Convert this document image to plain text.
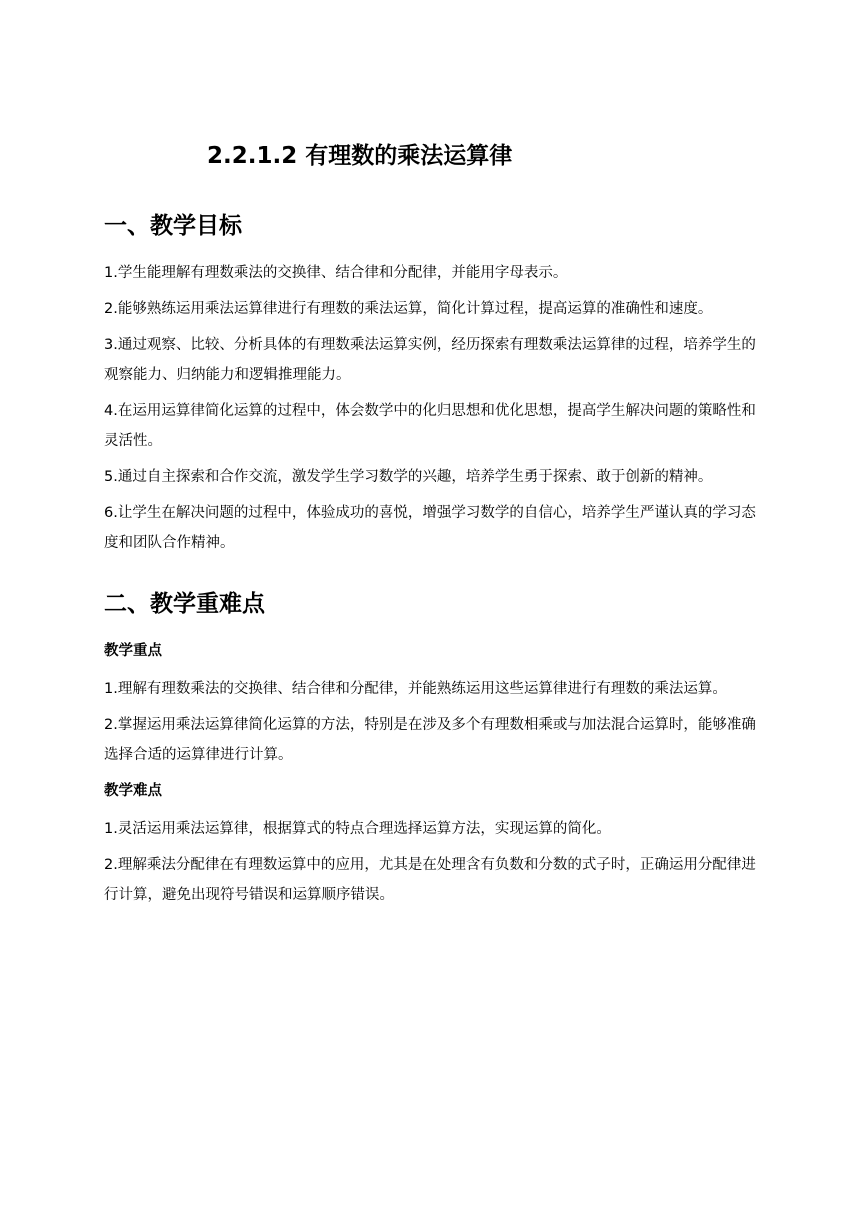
2.2.1.2 有理数的乘法运算律
一、教学目标

1.学生能理解有理数乘法的交换律、结合律和分配律，并能用字母表示。

2.能够熟练运用乘法运算律进行有理数的乘法运算，简化计算过程，提高运算的准确性和速度。

3.通过观察、比较、分析具体的有理数乘法运算实例，经历探索有理数乘法运算律的过程，培养学生的观察能力、归纳能力和逻辑推理能力。

4.在运用运算律简化运算的过程中，体会数学中的化归思想和优化思想，提高学生解决问题的策略性和灵活性。

5.通过自主探索和合作交流，激发学生学习数学的兴趣，培养学生勇于探索、敢于创新的精神。

6.让学生在解决问题的过程中，体验成功的喜悦，增强学习数学的自信心，培养学生严谨认真的学习态度和团队合作精神。

二、教学重难点
教学重点

1.理解有理数乘法的交换律、结合律和分配律，并能熟练运用这些运算律进行有理数的乘法运算。

2.掌握运用乘法运算律简化运算的方法，特别是在涉及多个有理数相乘或与加法混合运算时，能够准确选择合适的运算律进行计算。

教学难点

1.灵活运用乘法运算律，根据算式的特点合理选择运算方法，实现运算的简化。

2.理解乘法分配律在有理数运算中的应用，尤其是在处理含有负数和分数的式子时，正确运用分配律进行计算，避免出现符号错误和运算顺序错误。
